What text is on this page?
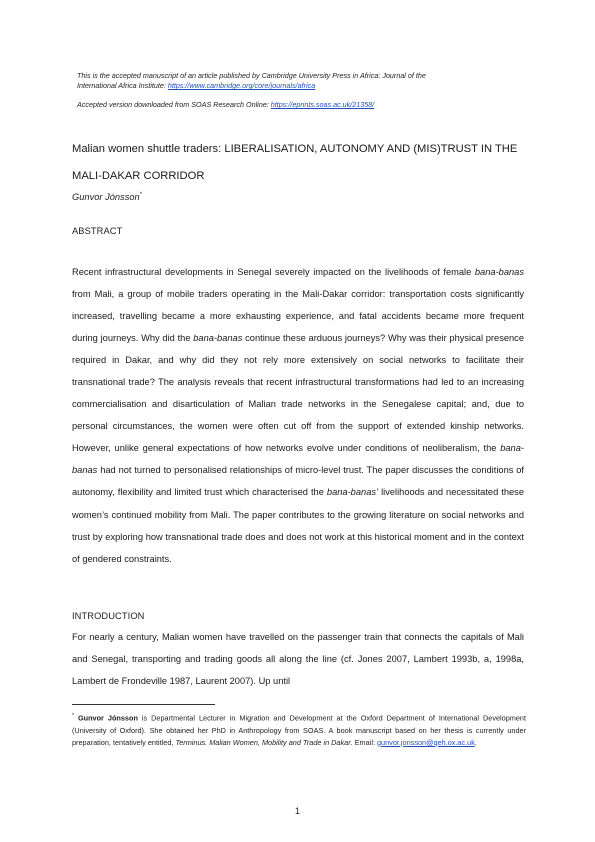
This is the accepted manuscript of an article published by Cambridge University Press in Africa: Journal of the
International Africa Institute: https://www.cambridge.org/core/journals/africa
Accepted version downloaded from SOAS Research Online: https://eprints.soas.ac.uk/21358/
Malian women shuttle traders: LIBERALISATION, AUTONOMY AND (MIS)TRUST IN THE MALI-DAKAR CORRIDOR
Gunvor Jónsson*
ABSTRACT
Recent infrastructural developments in Senegal severely impacted on the livelihoods of female bana-banas from Mali, a group of mobile traders operating in the Mali-Dakar corridor: transportation costs significantly increased, travelling became a more exhausting experience, and fatal accidents became more frequent during journeys. Why did the bana-banas continue these arduous journeys? Why was their physical presence required in Dakar, and why did they not rely more extensively on social networks to facilitate their transnational trade? The analysis reveals that recent infrastructural transformations had led to an increasing commercialisation and disarticulation of Malian trade networks in the Senegalese capital; and, due to personal circumstances, the women were often cut off from the support of extended kinship networks. However, unlike general expectations of how networks evolve under conditions of neoliberalism, the bana-banas had not turned to personalised relationships of micro-level trust. The paper discusses the conditions of autonomy, flexibility and limited trust which characterised the bana-banas’ livelihoods and necessitated these women’s continued mobility from Mali. The paper contributes to the growing literature on social networks and trust by exploring how transnational trade does and does not work at this historical moment and in the context of gendered constraints.
INTRODUCTION
For nearly a century, Malian women have travelled on the passenger train that connects the capitals of Mali and Senegal, transporting and trading goods all along the line (cf. Jones 2007, Lambert 1993b, a, 1998a, Lambert de Frondeville 1987, Laurent 2007). Up until
* Gunvor Jónsson is Departmental Lecturer in Migration and Development at the Oxford Department of International Development (University of Oxford). She obtained her PhD in Anthropology from SOAS. A book manuscript based on her thesis is currently under preparation, tentatively entitled, Terminus. Malian Women, Mobility and Trade in Dakar. Email: gunvor.jonsson@qeh.ox.ac.uk.
1
